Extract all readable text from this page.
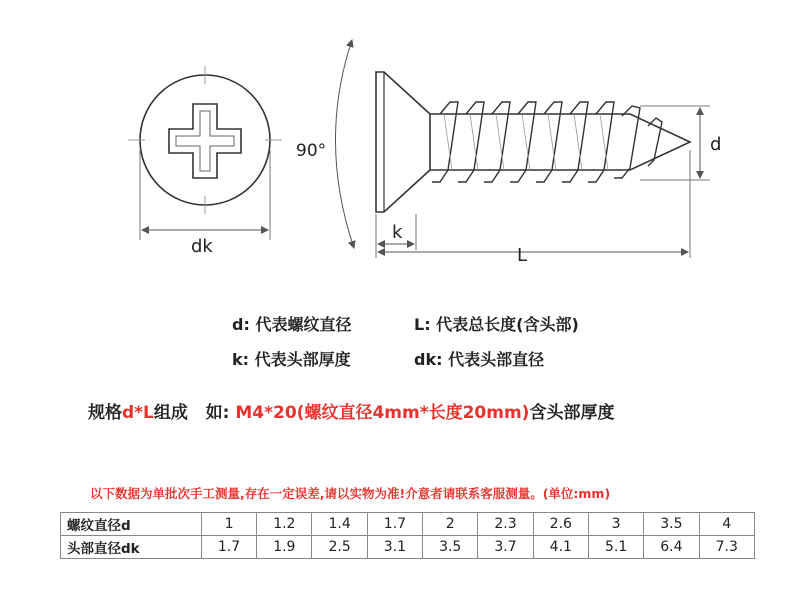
90°
dk
k
L
d
d: 代表螺纹直径	L: 代表总长度(含头部)
k: 代表头部厚度	dk: 代表头部直径
规格d*L组成   如: M4*20(螺纹直径4mm*长度20mm)含头部厚度
以下数据为单批次手工测量,存在一定误差,请以实物为准!介意者请联系客服测量。(单位:mm)
螺纹直径d	1	1.2	1.4	1.7	2	2.3	2.6	3	3.5	4
头部直径dk	1.7	1.9	2.5	3.1	3.5	3.7	4.1	5.1	6.4	7.3
